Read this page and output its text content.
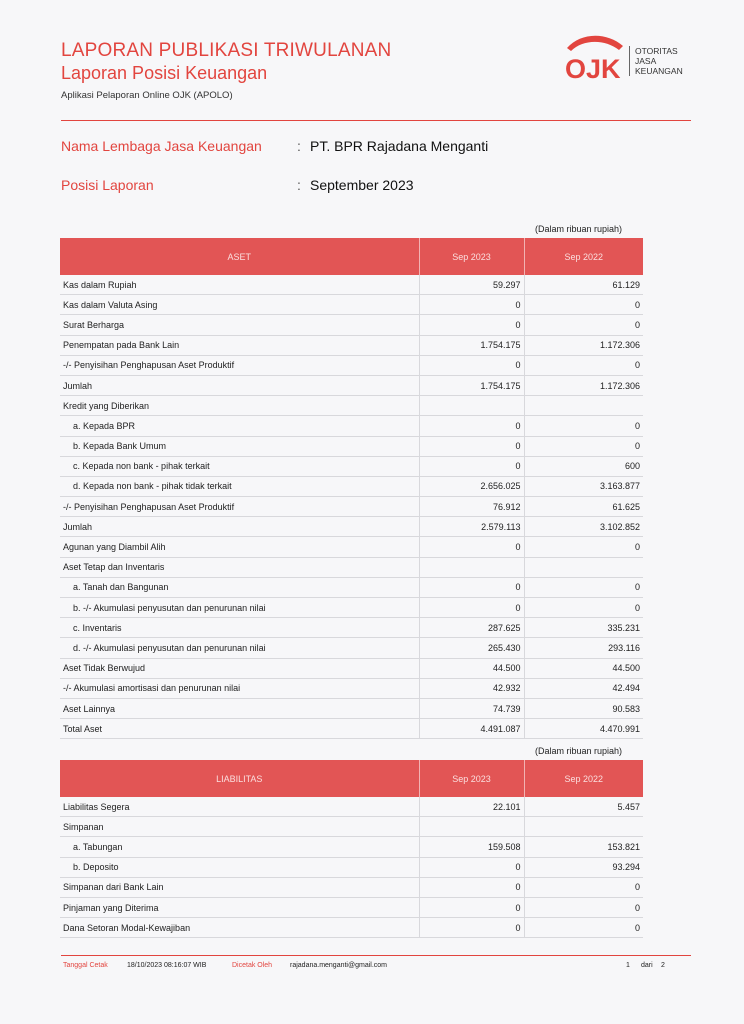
LAPORAN PUBLIKASI TRIWULANAN
Laporan Posisi Keuangan
Aplikasi Pelaporan Online OJK (APOLO)
OJK
OTORITAS
JASA
KEUANGAN
Nama Lembaga Jasa Keuangan	: PT. BPR Rajadana Menganti
Posisi Laporan	: September 2023
(Dalam ribuan rupiah)
ASET	Sep 2023	Sep 2022
Kas dalam Rupiah	59.297	61.129
Kas dalam Valuta Asing	0	0
Surat Berharga	0	0
Penempatan pada Bank Lain	1.754.175	1.172.306
-/- Penyisihan Penghapusan Aset Produktif	0	0
Jumlah	1.754.175	1.172.306
Kredit yang Diberikan		
a. Kepada BPR	0	0
b. Kepada Bank Umum	0	0
c. Kepada non bank - pihak terkait	0	600
d. Kepada non bank - pihak tidak terkait	2.656.025	3.163.877
-/- Penyisihan Penghapusan Aset Produktif	76.912	61.625
Jumlah	2.579.113	3.102.852
Agunan yang Diambil Alih	0	0
Aset Tetap dan Inventaris		
a. Tanah dan Bangunan	0	0
b. -/- Akumulasi penyusutan dan penurunan nilai	0	0
c. Inventaris	287.625	335.231
d. -/- Akumulasi penyusutan dan penurunan nilai	265.430	293.116
Aset Tidak Berwujud	44.500	44.500
-/- Akumulasi amortisasi dan penurunan nilai	42.932	42.494
Aset Lainnya	74.739	90.583
Total Aset	4.491.087	4.470.991
(Dalam ribuan rupiah)
LIABILITAS	Sep 2023	Sep 2022
Liabilitas Segera	22.101	5.457
Simpanan		
a. Tabungan	159.508	153.821
b. Deposito	0	93.294
Simpanan dari Bank Lain	0	0
Pinjaman yang Diterima	0	0
Dana Setoran Modal-Kewajiban	0	0
Tanggal Cetak	18/10/2023 08:16:07 WIB	Dicetak Oleh	rajadana.menganti@gmail.com	1 dari 2
